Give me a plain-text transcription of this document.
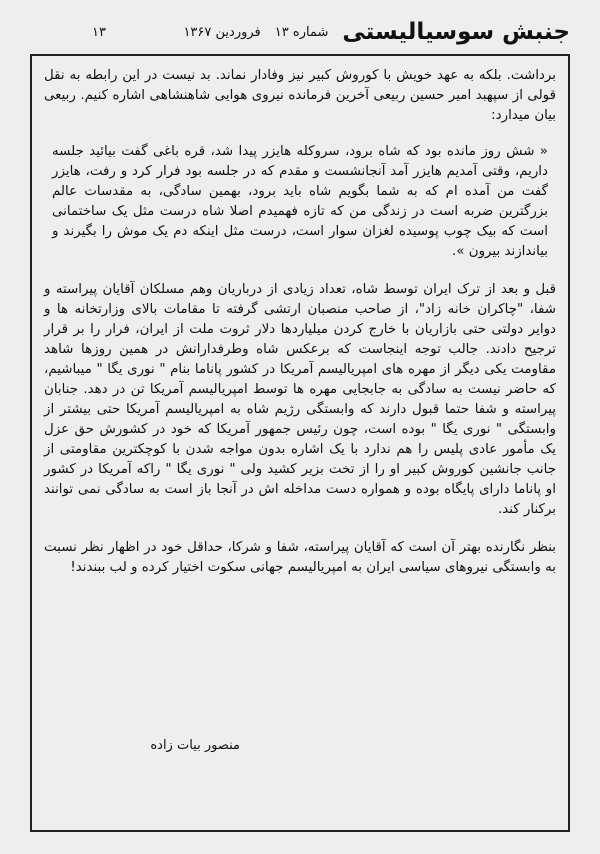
جنبش سوسیالیستی
شماره ۱۳
فروردین ۱۳۶۷
۱۳

برداشت. بلکه به عهد خویش با کوروش کبیر نیز وفادار نماند. بد نیست در این رابطه به نقل قولی از سپهبد امیر حسین ربیعی آخرین فرمانده نیروی هوایی شاهنشاهی اشاره کنیم. ربیعی بیان میدارد:

« شش روز مانده بود که شاه برود، سروکله هایزر پیدا شد، قره باغی گفت بیائید جلسه داریم، وقتی آمدیم هایزر آمد آنجانشست و مقدم که در جلسه بود فرار کرد و رفت، هایزر گفت من آمده ام که به شما بگویم شاه باید برود، بهمین سادگی، به مقدسات عالم بزرگترین ضربه است در زندگی من که تازه فهمیدم اصلا شاه درست مثل یک ساختمانی است که بیک چوب پوسیده لغزان سوار است، درست مثل اینکه دم یک موش را بگیرند و بیاندازند بیرون ».

قبل و بعد از ترک ایران توسط شاه، تعداد زیادی از درباریان وهم مسلکان آقایان پیراسته و شفا، "چاکران خانه زاد"، از صاحب منصبان ارتشی گرفته تا مقامات بالای وزارتخانه ها و دوایر دولتی حتی بازاریان با خارج کردن میلیاردها دلار ثروت ملت از ایران، فرار را بر قرار ترجیح دادند. جالب توجه اینجاست که برعکس شاه وطرفدارانش در همین روزها شاهد مقاومت یکی دیگر از مهره های امپریالیسم آمریکا در کشور پاناما بنام " نوری یگا " میباشیم، که حاضر نیست به سادگی به جابجایی مهره ها توسط امپریالیسم آمریکا تن در دهد. جنابان پیراسته و شفا حتما قبول دارند که وابستگی رژیم شاه به امپریالیسم آمریکا حتی بیشتر از وابستگی " نوری یگا " بوده است، چون رئیس جمهور آمریکا که خود در کشورش حق عزل یک مأمور عادی پلیس را هم ندارد با یک اشاره بدون مواجه شدن با کوچکترین مقاومتی از جانب جانشین کوروش کبیر او را از تخت بزیر کشید ولی " نوری یگا " راکه آمریکا در کشور او پاناما دارای پایگاه بوده و همواره دست مداخله اش در آنجا باز است به سادگی نمی توانند برکنار کند.

بنظر نگارنده بهتر آن است که آقایان پیراسته، شفا و شرکا، حداقل خود در اظهار نظر نسبت به وابستگی نیروهای سیاسی ایران به امپریالیسم جهانی سکوت اختیار کرده و لب ببندند!

منصور بیات زاده
